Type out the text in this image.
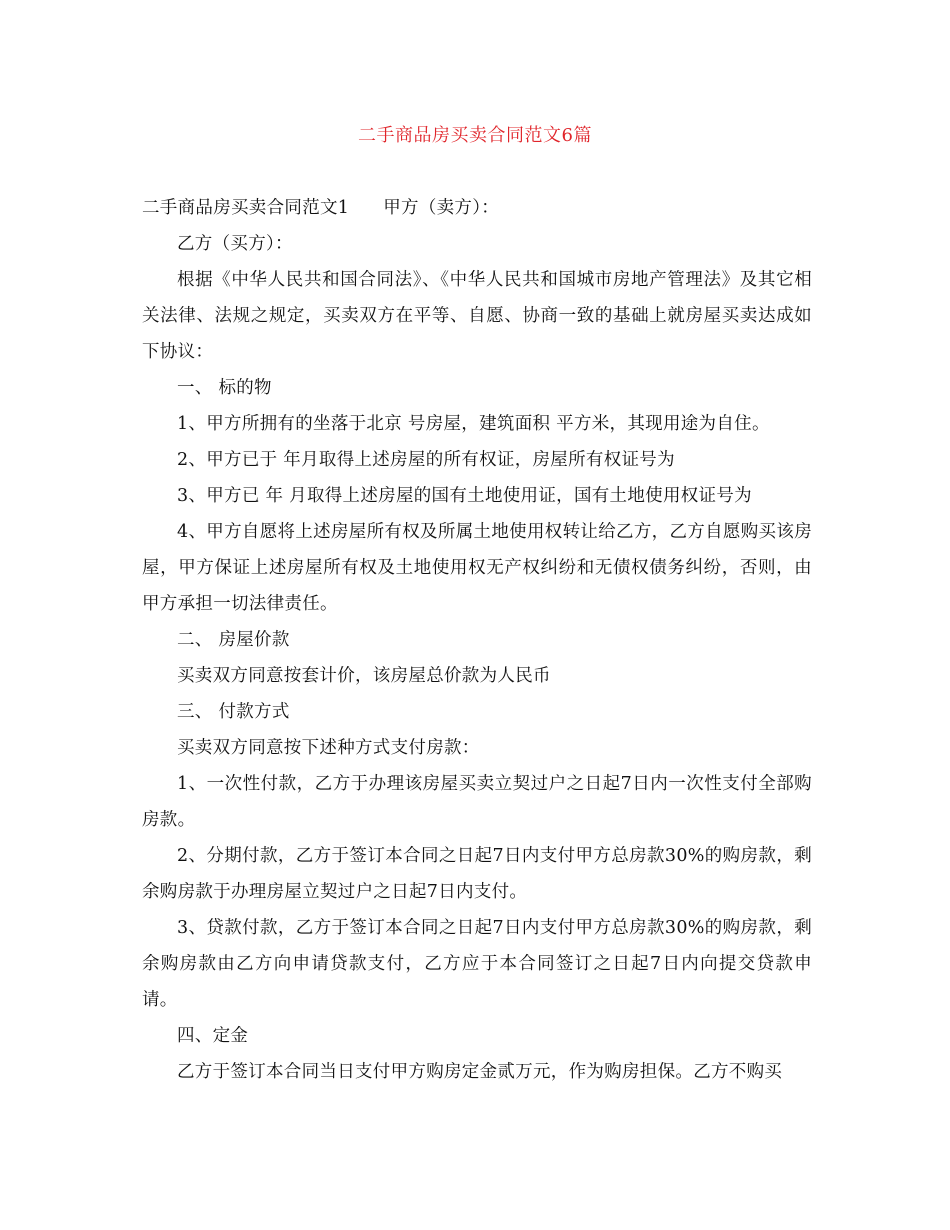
二手商品房买卖合同范文6篇

二手商品房买卖合同范文1 甲方（卖方）：

乙方（买方）：

根据《中华人民共和国合同法》、《中华人民共和国城市房地产管理法》及其它相关法律、法规之规定，买卖双方在平等、自愿、协商一致的基础上就房屋买卖达成如下协议：

一、 标的物

1、甲方所拥有的坐落于北京 号房屋，建筑面积 平方米，其现用途为自住。

2、甲方已于 年月取得上述房屋的所有权证，房屋所有权证号为

3、甲方已 年 月取得上述房屋的国有土地使用证，国有土地使用权证号为

4、甲方自愿将上述房屋所有权及所属土地使用权转让给乙方，乙方自愿购买该房屋，甲方保证上述房屋所有权及土地使用权无产权纠纷和无债权债务纠纷，否则，由甲方承担一切法律责任。

二、 房屋价款

买卖双方同意按套计价，该房屋总价款为人民币

三、 付款方式

买卖双方同意按下述种方式支付房款：

1、一次性付款，乙方于办理该房屋买卖立契过户之日起7日内一次性支付全部购房款。

2、分期付款，乙方于签订本合同之日起7日内支付甲方总房款30%的购房款，剩余购房款于办理房屋立契过户之日起7日内支付。

3、贷款付款，乙方于签订本合同之日起7日内支付甲方总房款30%的购房款，剩余购房款由乙方向申请贷款支付，乙方应于本合同签订之日起7日内向提交贷款申请。

四、定金

乙方于签订本合同当日支付甲方购房定金贰万元，作为购房担保。乙方不购买
